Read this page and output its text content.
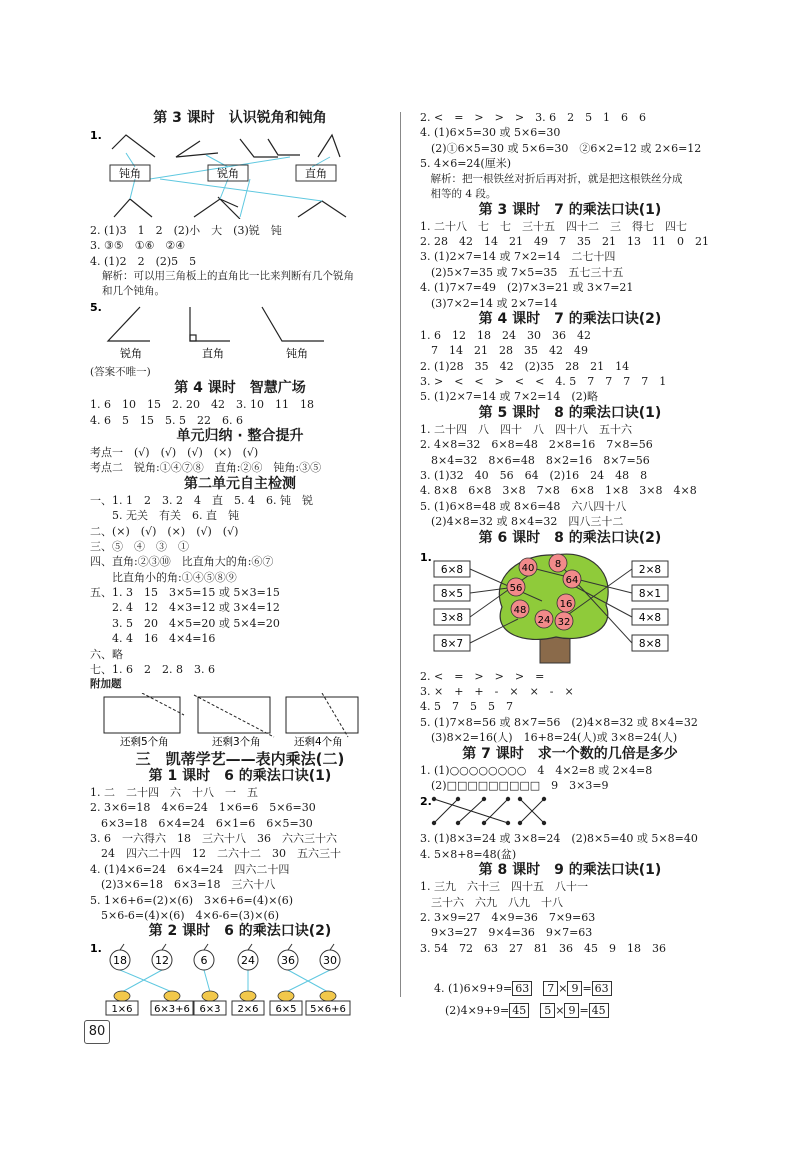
第 3 课时　认识锐角和钝角
1.
钝角	锐角	直角
2. (1)3　1　2　(2)小　大　(3)锐　钝
3. ③⑤　①⑥　②④
4. (1)2　2　(2)5　5
解析：可以用三角板上的直角比一比来判断有几个锐角
和几个钝角。
5.
锐角	直角	钝角
(答案不唯一)
第 4 课时　智慧广场
1. 6　10　15　2. 20　42　3. 10　11　18
4. 6　5　15　5. 5　22　6. 6
单元归纳 · 整合提升
考点一　(√)　(√)　(√)　(×)　(√)
考点二　锐角:①④⑦⑧　直角:②⑥　钝角:③⑤
第二单元自主检测
一、1. 1　2　3. 2　4　直　5. 4　6. 钝　锐
　　5. 无关　有关　6. 直　钝
二、(×)　(√)　(×)　(√)　(√)
三、⑤　④　③　①
四、直角:②③⑩　比直角大的角:⑥⑦
　　比直角小的角:①④⑤⑧⑨
五、1. 3　15　3×5=15 或 5×3=15
　　2. 4　12　4×3=12 或 3×4=12
　　3. 5　20　4×5=20 或 5×4=20
　　4. 4　16　4×4=16
六、略
七、1. 6　2　2. 8　3. 6
附加题
还剩5个角	还剩3个角	还剩4个角
三　凯蒂学艺——表内乘法(二)
第 1 课时　6 的乘法口诀(1)
1. 二　二十四　六　十八　一　五
2. 3×6=18　4×6=24　1×6=6　5×6=30
　6×3=18　6×4=24　6×1=6　6×5=30
3. 6　一六得六　18　三六十八　36　六六三十六
　24　四六二十四　12　二六十二　30　五六三十
4. (1)4×6=24　6×4=24　四六二十四
　(2)3×6=18　6×3=18　三六十八
5. 1×6+6=(2)×(6)　3×6+6=(4)×(6)
　5×6-6=(4)×(6)　4×6-6=(3)×(6)
第 2 课时　6 的乘法口诀(2)
1.
18	12	6	24 36	30
1×6 6×3+6 6×3 2×6 6×5 5×6+6
2. <　=　>　>　>　3. 6　2　5　1　6　6
4. (1)6×5=30 或 5×6=30
　(2)①6×5=30 或 5×6=30　②6×2=12 或 2×6=12
5. 4×6=24(厘米)
　解析：把一根铁丝对折后再对折，就是把这根铁丝分成
　相等的 4 段。
第 3 课时　7 的乘法口诀(1)
1. 二十八　七　七　三十五　四十二　三　得七　四七
2. 28　42　14　21　49　7　35　21　13　11　0　21
3. (1)2×7=14 或 7×2=14　二七十四
　(2)5×7=35 或 7×5=35　五七三十五
4. (1)7×7=49　(2)7×3=21 或 3×7=21
　(3)7×2=14 或 2×7=14
第 4 课时　7 的乘法口诀(2)
1. 6　12　18　24　30　36　42
　7　14　21　28　35　42　49
2. (1)28　35　42　(2)35　28　21　14
3. >　<　<　>　<　<　4. 5　7　7　7　7　1
5. (1)2×7=14 或 7×2=14　(2)略
第 5 课时　8 的乘法口诀(1)
1. 二十四　八　四十　八　四十八　五十六
2. 4×8=32　6×8=48　2×8=16　7×8=56
　8×4=32　8×6=48　8×2=16　8×7=56
3. (1)32　40　56　64　(2)16　24　48　8
4. 8×8　6×8　3×8　7×8　6×8　1×8　3×8　4×8
5. (1)6×8=48 或 8×6=48　六八四十八
　(2)4×8=32 或 8×4=32　四八三十二
第 6 课时　8 的乘法口诀(2)
1.
6×8
8×5
3×8
8×7
2×8
8×1
4×8
8×8
40 8
56
64
16
48
24 32
2. <　=　>　>　>　=
3. ×　+　+　-　×　×　-　×
4. 5　7　5　5　7
5. (1)7×8=56 或 8×7=56　(2)4×8=32 或 8×4=32
　(3)8×2=16(人)　16+8=24(人)或 3×8=24(人)
第 7 课时　求一个数的几倍是多少
1. (1)○○○○○○○○　4　4×2=8 或 2×4=8
　(2)□□□□□□□□□　9　3×3=9
2.
3. (1)8×3=24 或 3×8=24　(2)8×5=40 或 5×8=40
4. 5×8+8=48(盆)
第 8 课时　9 的乘法口诀(1)
1. 三九　六十三　四十五　八十一
　三十六　六九　八九　十八
2. 3×9=27　4×9=36　7×9=63
　9×3=27　9×4=36　9×7=63
3. 54　72　63　27　81　36　45　9　18　36

4. (1)6×9+9= 63　 7 × 9 = 63

　(2)4×9+9= 45　 5 × 9 = 45

80
